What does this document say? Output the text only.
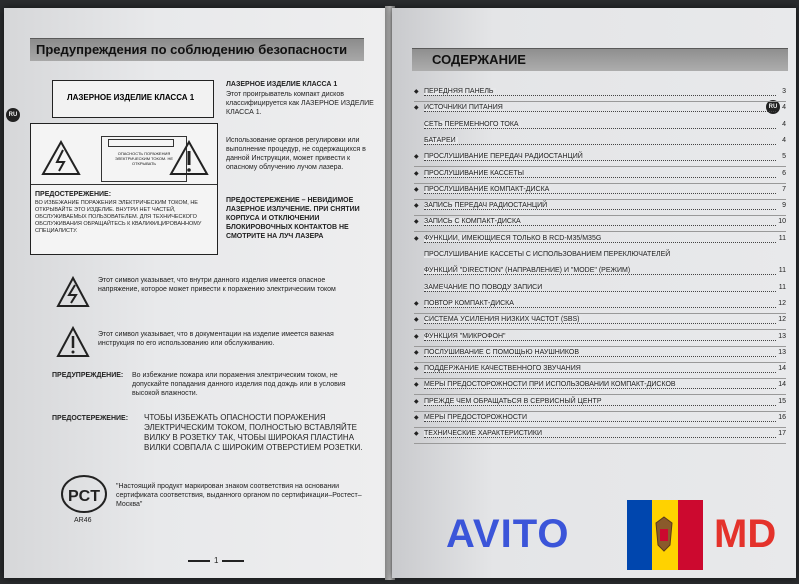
Предупреждения по соблюдению безопасности
RU
ЛАЗЕРНОЕ ИЗДЕЛИЕ КЛАССА 1
ОПАСНОСТЬ ПОРАЖЕНИЯ ЭЛЕКТРИЧЕСКИМ ТОКОМ. НЕ ОТКРЫВАТЬ
ПРЕДОСТЕРЕЖЕНИЕ:
ВО ИЗБЕЖАНИЕ ПОРАЖЕНИЯ ЭЛЕКТРИЧЕСКИМ ТОКОМ, НЕ ОТКРЫВАЙТЕ ЭТО ИЗДЕЛИЕ. ВНУТРИ НЕТ ЧАСТЕЙ, ОБСЛУЖИВАЕМЫХ ПОЛЬЗОВАТЕЛЕМ. ДЛЯ ТЕХНИЧЕСКОГО ОБСЛУЖИВАНИЯ ОБРАЩАЙТЕСЬ К КВАЛИФИЦИРОВАННОМУ СПЕЦИАЛИСТУ.
ЛАЗЕРНОЕ ИЗДЕЛИЕ КЛАССА 1
Этот проигрыватель компакт дисков классифицируется как ЛАЗЕРНОЕ ИЗДЕЛИЕ КЛАССА 1.
Использование органов регулировки или выполнение процедур, не содержащихся в данной Инструкции, может привести к опасному облучению лучом лазера.
ПРЕДОСТЕРЕЖЕНИЕ – НЕВИДИМОЕ ЛАЗЕРНОЕ ИЗЛУЧЕНИЕ. ПРИ СНЯТИИ КОРПУСА И ОТКЛЮЧЕНИИ БЛОКИРОВОЧНЫХ КОНТАКТОВ НЕ СМОТРИТЕ НА ЛУЧ ЛАЗЕРА
Этот символ указывает, что внутри данного изделия имеется опасное напряжение, которое может привести к поражению электрическим током
Этот символ указывает, что в документации на изделие имеется важная инструкция по его использованию или обслуживанию.
ПРЕДУПРЕЖДЕНИЕ: Во избежание пожара или поражения электрическим током, не допускайте попадания данного изделия под дождь или в условия высокой влажности.
ПРЕДОСТЕРЕЖЕНИЕ: ЧТОБЫ ИЗБЕЖАТЬ ОПАСНОСТИ ПОРАЖЕНИЯ ЭЛЕКТРИЧЕСКИМ ТОКОМ, ПОЛНОСТЬЮ ВСТАВЛЯЙТЕ ВИЛКУ В РОЗЕТКУ ТАК, ЧТОБЫ ШИРОКАЯ ПЛАСТИНА ВИЛКИ СОВПАЛА С ШИРОКИМ ОТВЕРСТИЕМ РОЗЕТКИ.
PCT
AR46
"Настоящий продукт маркирован знаком соответствия на основании сертификата соответствия, выданного органом по сертификации–Ростест–Москва"
1
СОДЕРЖАНИЕ
RU
◆ ПЕРЕДНЯЯ ПАНЕЛЬ	3
◆ ИСТОЧНИКИ ПИТАНИЯ	4
СЕТЬ ПЕРЕМЕННОГО ТОКА	4
БАТАРЕИ	4
◆ ПРОСЛУШИВАНИЕ ПЕРЕДАЧ РАДИОСТАНЦИЙ	5
◆ ПРОСЛУШИВАНИЕ КАССЕТЫ	6
◆ ПРОСЛУШИВАНИЕ КОМПАКТ-ДИСКА	7
◆ ЗАПИСЬ ПЕРЕДАЧ РАДИОСТАНЦИЙ	9
◆ ЗАПИСЬ С КОМПАКТ-ДИСКА	10
◆ ФУНКЦИИ, ИМЕЮЩИЕСЯ ТОЛЬКО В RCD-M35/M35G	11
ПРОСЛУШИВАНИЕ КАССЕТЫ С ИСПОЛЬЗОВАНИЕМ ПЕРЕКЛЮЧАТЕЛЕЙ
ФУНКЦИЙ "DIRECTION" (НАПРАВЛЕНИЕ) И "MODE" (РЕЖИМ)	11
ЗАМЕЧАНИЕ ПО ПОВОДУ ЗАПИСИ	11
◆ ПОВТОР КОМПАКТ-ДИСКА	12
◆ СИСТЕМА УСИЛЕНИЯ НИЗКИХ ЧАСТОТ (SBS)	12
◆ ФУНКЦИЯ "МИКРОФОН"	13
◆ ПОСЛУШИВАНИЕ С ПОМОЩЬЮ НАУШНИКОВ	13
◆ ПОДДЕРЖАНИЕ КАЧЕСТВЕННОГО ЗВУЧАНИЯ	14
◆ МЕРЫ ПРЕДОСТОРОЖНОСТИ ПРИ ИСПОЛЬЗОВАНИИ КОМПАКТ-ДИСКОВ	14
◆ ПРЕЖДЕ ЧЕМ ОБРАЩАТЬСЯ В СЕРВИСНЫЙ ЦЕНТР	15
◆ МЕРЫ ПРЕДОСТОРОЖНОСТИ	16
◆ ТЕХНИЧЕСКИЕ ХАРАКТЕРИСТИКИ	17
AVITO	MD
